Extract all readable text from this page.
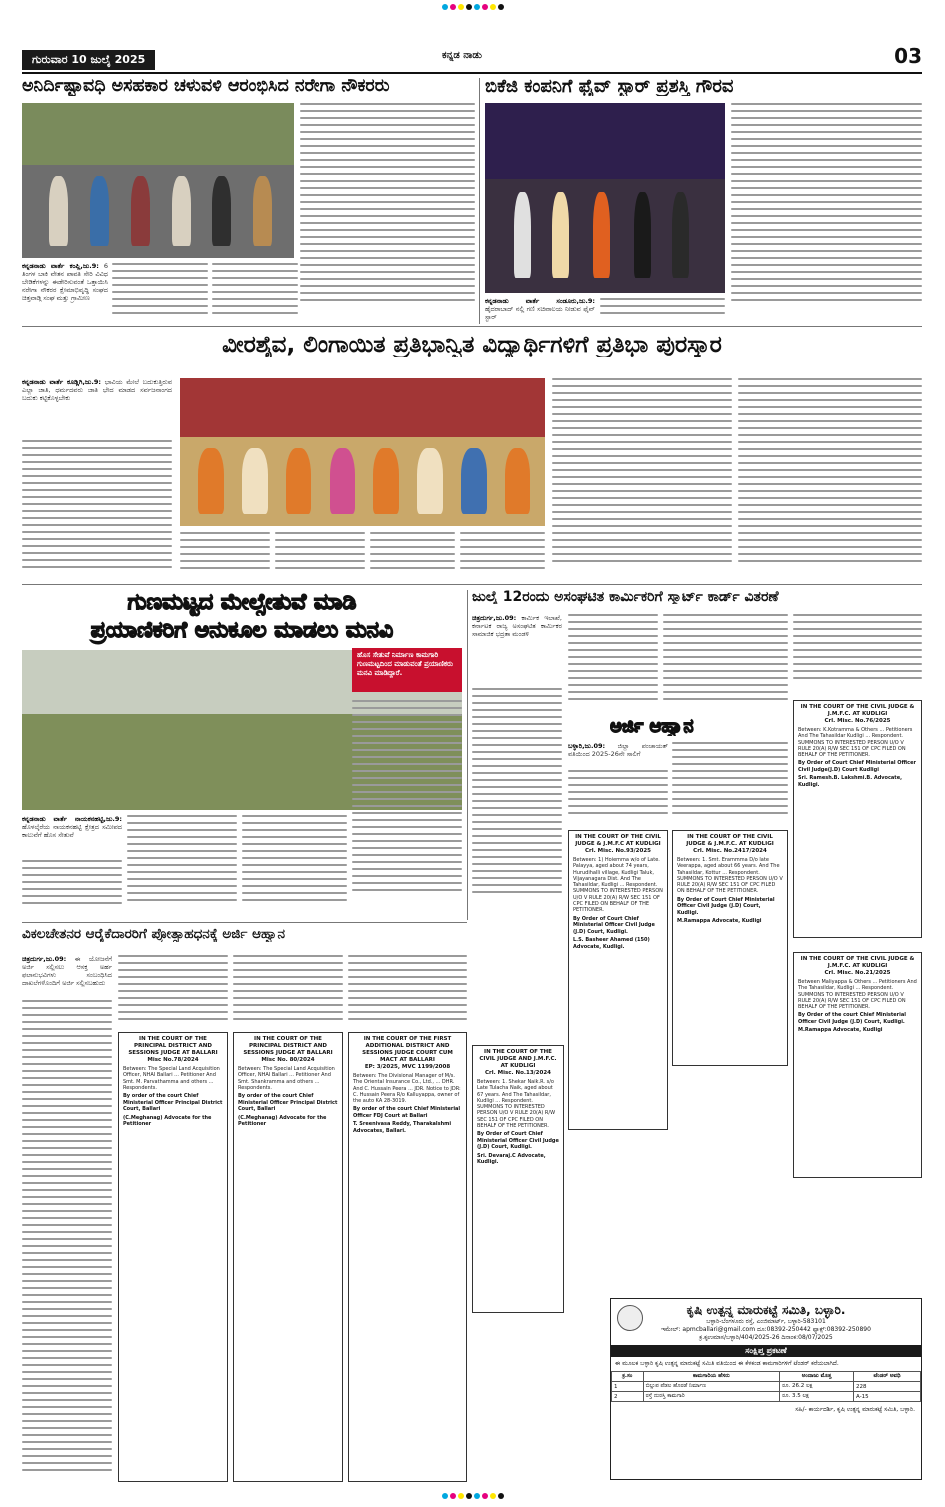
ಗುರುವಾರ 10 ಜುಲೈ 2025	ಕನ್ನಡ ನಾಡು	03
ಅನಿರ್ದಿಷ್ಟಾವಧಿ ಅಸಹಕಾರ ಚಳುವಳಿ ಆರಂಭಿಸಿದ ನರೇಗಾ ನೌಕರರು
ಕನ್ನಡನಾಡು ವಾರ್ತೆ ಕಂಪ್ಲಿ,ಜು.9: 6 ತಿಂಗಳ ಬಾಕಿ ವೇತನ ಪಾವತಿ ಸೇರಿ ವಿವಿಧ ಬೇಡಿಕೆಗಳನ್ನು ಈಡೇರಿಸುವಂತೆ ಒತ್ತಾಯಿಸಿ ನರೇಗಾ ನೌಕರರ ಕ್ಷೇಮಾಭಿವೃದ್ಧಿ ಸಂಘದ ಚಿತ್ತವಾಡ್ಗಿ ಸಂಘ ಮತ್ತು ಗ್ರಾಮೀಣ
ಬಿಕೆಜಿ ಕಂಪನಿಗೆ ಫೈವ್ ಸ್ಟಾರ್ ಪ್ರಶಸ್ತಿ ಗೌರವ
ಕನ್ನಡನಾಡು ವಾರ್ತೆ ಸಂಡೂರು,ಜು.9: ಹೈದರಾಬಾದ್ ನಲ್ಲಿ ಗಣಿ ಸಚಿವಾಲಯ ನೀಡುವ ಫೈವ್ ಸ್ಟಾರ್
ವೀರಶೈವ, ಲಿಂಗಾಯಿತ ಪ್ರತಿಭಾನ್ವಿತ ವಿದ್ಯಾರ್ಥಿಗಳಿಗೆ ಪ್ರತಿಭಾ ಪುರಸ್ಕಾರ
ಕನ್ನಡನಾಡು ವಾರ್ತೆ ಕೂಡ್ಲಿಗಿ,ಜು.9: ಭಾವಿಯ ಮೇಲೆ ಬದುಕುತ್ತಿರುವ ಎಲ್ಲಾ ಜಾತಿ, ಧರ್ಮದವರು ಜಾತಿ ಭೇದ ಮಾಡದ ಸರ್ವಜನಾಂಗದ ಬದುಕು ಕಟ್ಟಿಕೊಳ್ಳಬೇಕು
ಗುಣಮಟ್ಟದ ಮೇಲ್ಸೇತುವೆ ಮಾಡಿ
ಪ್ರಯಾಣಿಕರಿಗೆ ಅನುಕೂಲ ಮಾಡಲು ಮನವಿ
ಕನ್ನಡನಾಡು ವಾರ್ತೆ ನಾಯಕನಹಟ್ಟಿ,ಜು.9: ಹೊಳಲ್ಕೆರೆಯ ನಾಯಕನಹಟ್ಟಿ ಕ್ಷೇತ್ರದ ಸಮೀಪದ ಕಾಲುವೆಗೆ ಹೊಸ ಸೇತುವೆ
ಜುಲೈ 12ರಂದು ಅಸಂಘಟಿತ ಕಾರ್ಮಿಕರಿಗೆ ಸ್ಮಾರ್ಟ್ ಕಾರ್ಡ್ ವಿತರಣೆ
ಹೊಸ ಸೇತುವೆ ನಿರ್ಮಾಣ ಕಾಮಗಾರಿ ಗುಣಮಟ್ಟದಿಂದ ಮಾಡುವಂತೆ ಪ್ರಯಾಣಿಕರು ಮನವಿ ಮಾಡಿದ್ದಾರೆ.
ಚಿತ್ರದುರ್ಗ,ಜು.09: ಕಾರ್ಮಿಕ ಇಲಾಖೆ, ಕರ್ನಾಟಕ ರಾಜ್ಯ ಅಸಂಘಟಿತ ಕಾರ್ಮಿಕರ ಸಾಮಾಜಿಕ ಭದ್ರತಾ ಮಂಡಳಿ
ಅರ್ಜಿ ಆಹ್ವಾನ
ಬಳ್ಳಾರಿ,ಜು.09: ಜಿಲ್ಲಾ ಪಂಚಾಯತ್ ವತಿಯಿಂದ 2025-26ನೇ ಸಾಲಿಗೆ
IN THE COURT OF THE CIVIL JUDGE & J.M.F.C. AT KUDLIGI
Crl. Misc. No.76/2025
Between: K.Kotramma & Others ... Petitioners And The Tahasildar Kudligi ... Respondent. SUMMONS TO INTERESTED PERSON U/O V RULE 20(A) R/W SEC 151 OF CPC FILED ON BEHALF OF THE PETITIONER.
By Order of Court Chief Ministerial Officer Civil Judge(J.D) Court Kudligi
Sri. Ramesh.B. Lakshmi.B. Advocate, Kudligi.
IN THE COURT OF THE CIVIL JUDGE & J.M.F.C. AT KUDLIGI
Crl. Misc. No.2417/2024
Between: 1. Smt. Erammma D/o late Veerappa, aged about 66 years. And The Tahasildar, Kottur ... Respondent. SUMMONS TO INTERESTED PERSON U/O V RULE 20(A) R/W SEC 151 OF CPC FILED ON BEHALF OF THE PETITIONER.
By Order of Court Chief Ministerial Officer Civil Judge (J.D) Court, Kudligi.
M.Ramappa Advocate, Kudligi
IN THE COURT OF THE CIVIL JUDGE & J.M.F.C. AT KUDLIGI
Crl. Misc. No.21/2025
Between Maliyappa & Others ... Petitioners And The Tahasildar, Kudligi ... Respondent. SUMMONS TO INTERESTED PERSON U/O V RULE 20(A) R/W SEC 151 OF CPC FILED ON BEHALF OF THE PETITIONER.
By Order of the court Chief Ministerial Officer Civil Judge (J.D) Court, Kudligi.
M.Ramappa Advocate, Kudligi
IN THE COURT OF THE CIVIL JUDGE & J.M.F.C AT KUDLIGI
Crl. Misc. No.93/2025
Between: 1) Hoiemma w/o of Late. Palayya, aged about 74 years, Hurudihalli village, Kudligi Taluk, Vijayanagara Dist. And The Tahasildar, Kudligi ... Respondent. SUMMONS TO INTERESTED PERSON U/O V RULE 20(A) R/W SEC 151 OF CPC FILED ON BEHALF OF THE PETITIONER.
By Order of Court Chief Ministerial Officer Civil Judge (J.D) Court, Kudligi.
L.S. Basheer Ahamed (150) Advocate, Kudligi.
IN THE COURT OF THE CIVIL JUDGE AND J.M.F.C. AT KUDLIGI
Crl. Misc. No.13/2024
Between: 1. Shekar Naik.R. s/o Late Tulacha Naik, aged about 67 years. And The Tahasildar, Kudligi ... Respondent. SUMMONS TO INTERESTED PERSON U/O V RULE 20(A) R/W SEC 151 OF CPC FILED ON BEHALF OF THE PETITIONER.
By Order of Court Chief Ministerial Officer Civil Judge (J.D) Court, Kudligi.
Sri. Devaraj.C Advocate, Kudligi.
ವಿಕಲಚೇತನರ ಆರೈಕೆದಾರರಿಗೆ ಪ್ರೋತ್ಸಾಹಧನಕ್ಕೆ ಅರ್ಜಿ ಆಹ್ವಾನ
ಚಿತ್ರದುರ್ಗ,ಜು.09: ಈ ಯೋಜನೆಗೆ ಅರ್ಜಿ ಸಲ್ಲಿಸಲು ಆಸಕ್ತ ಅರ್ಹ ಫಲಾನುಭವಿಗಳು ಸಂಬಂಧಿಸಿದ ದಾಖಲೆಗಳೊಂದಿಗೆ ಅರ್ಜಿ ಸಲ್ಲಿಸಬಹುದು
IN THE COURT OF THE PRINCIPAL DISTRICT AND SESSIONS JUDGE AT BALLARI
Misc No.78/2024
Between: The Special Land Acquisition Officer, NHAI Ballari ... Petitioner And Smt. M. Parvathamma and others ... Respondents.
By order of the court Chief Ministerial Officer Principal District Court, Ballari
(C.Meghanag) Advocate for the Petitioner
IN THE COURT OF THE PRINCIPAL DISTRICT AND SESSIONS JUDGE AT BALLARI
Misc No. 80/2024
Between: The Special Land Acquisition Officer, NHAI Ballari ... Petitioner And Smt. Shankramma and others ... Respondents.
By order of the court Chief Ministerial Officer Principal District Court, Ballari
(C.Meghanag) Advocate for the Petitioner
IN THE COURT OF THE FIRST ADDITIONAL DISTRICT AND SESSIONS JUDGE COURT CUM MACT AT BALLARI
EP: 3/2025, MVC 1199/2008
Between: The Divisional Manager of M/s. The Oriental Insurance Co., Ltd., ... DHR. And C. Hussain Peera ... JDR. Notice to JDR: C. Hussain Peera R/o Kalluyappa, owner of the auto KA 28-3019.
By order of the court Chief Ministerial Officer FDJ Court at Ballari
T. Sreenivasa Reddy, Tharakalshmi Advocates, Ballari.
ಕೃಷಿ ಉತ್ಪನ್ನ ಮಾರುಕಟ್ಟೆ ಸಮಿತಿ, ಬಳ್ಳಾರಿ.
ಬಳ್ಳಾರಿ-ಬೆಂಗಳೂರು ರಸ್ತೆ, ಎಂಜಿಮಾರ್ಟ್, ಬಳ್ಳಾರಿ-583101
ಇಮೇಲ್: apmcballari@gmail.com ದೂ:08392-250442 ಫ್ಯಾಕ್ಸ್:08392-250890
ಕ್ರ.ಕೃಉಮಾಸ/ಬಳ್ಳಾರಿ/404/2025-26 ದಿನಾಂಕ:08/07/2025
ಸಂಕ್ಷಿಪ್ತ ಪ್ರಕಟಣೆ
ಈ ಮೂಲಕ ಬಳ್ಳಾರಿ ಕೃಷಿ ಉತ್ಪನ್ನ ಮಾರುಕಟ್ಟೆ ಸಮಿತಿ ವತಿಯಿಂದ ಈ ಕೆಳಕಂಡ ಕಾಮಗಾರಿಗಳಿಗೆ ಟೆಂಡರ್ ಕರೆಯಲಾಗಿದೆ.
ಕ್ರ.ಸಂ	ಕಾಮಗಾರಿಯ ಹೆಸರು	ಅಂದಾಜು ಮೊತ್ತ	ಟೆಂಡರ್ ಅವಧಿ
1	ಬಿಲ್ಲುಪ ಪೆಡಲ ಹೊರಡೆ ನಿರ್ಮಾಣ	ರೂ. 26.2 ಲಕ್ಷ	228
2	ರಸ್ತೆ ದುರಸ್ತಿ ಕಾಮಗಾರಿ	ರೂ. 3.5 ಲಕ್ಷ	A-15
ಸಹಿ/- ಕಾರ್ಯದರ್ಶಿ, ಕೃಷಿ ಉತ್ಪನ್ನ ಮಾರುಕಟ್ಟೆ ಸಮಿತಿ, ಬಳ್ಳಾರಿ.
